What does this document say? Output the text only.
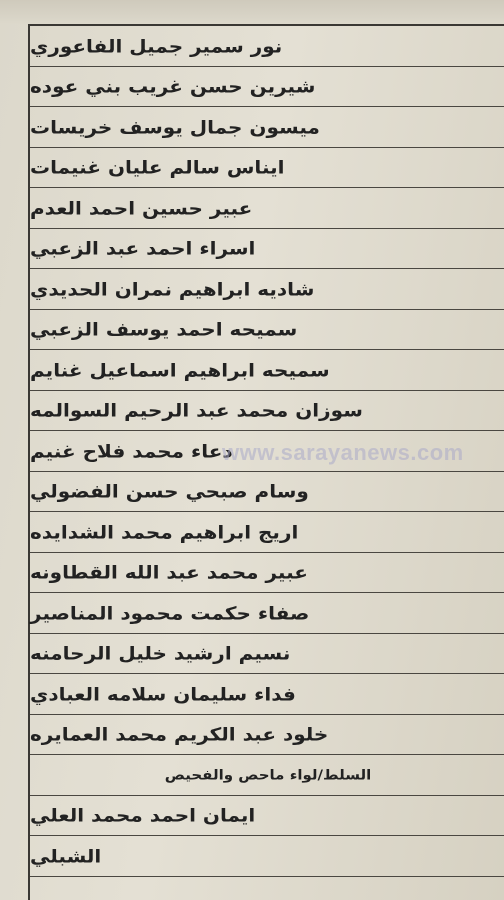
نور سمير جميل الفاعوري
شيرين حسن غريب بني عوده
ميسون جمال يوسف خريسات
ايناس سالم عليان غنيمات
عبير حسين احمد العدم
اسراء احمد عبد الزعبي
شاديه ابراهيم نمران الحديدي
سميحه احمد يوسف الزعبي
سميحه ابراهيم اسماعيل غنايم
سوزان محمد عبد الرحيم السوالمه
دعاء محمد فلاح غنيم
وسام صبحي حسن الفضولي
اريج ابراهيم محمد الشدايده
عبير محمد عبد الله القطاونه
صفاء حكمت محمود المناصير
نسيم ارشيد خليل الرحامنه
فداء سليمان سلامه العبادي
خلود عبد الكريم محمد العمايره
السلط/لواء ماحص والفحيص
ايمان احمد محمد العلي
الشبلي
www.sarayanews.com
